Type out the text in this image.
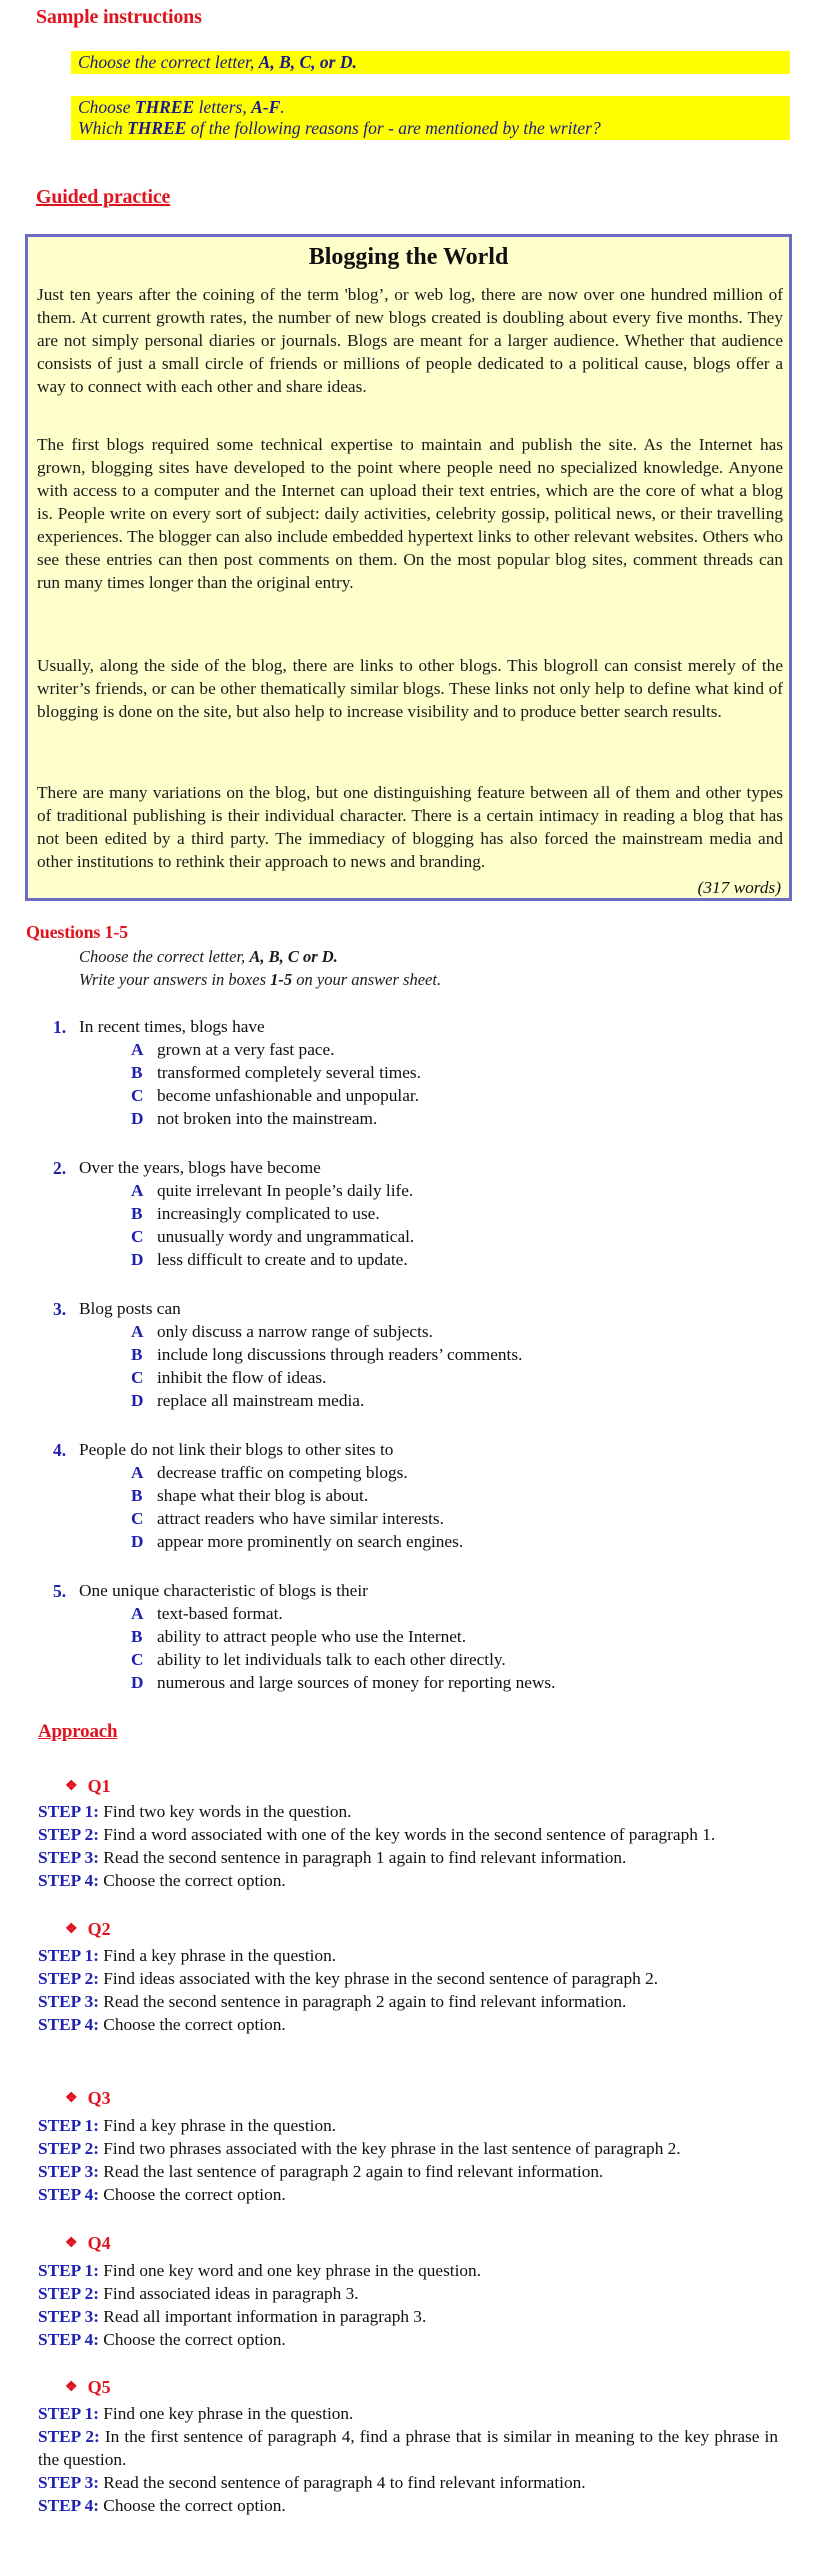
Sample instructions
Choose the correct letter, A, B, C, or D.
Choose THREE letters, A-F.
Which THREE of the following reasons for - are mentioned by the writer?
Guided practice
Blogging the World
Just ten years after the coining of the term 'blog’, or web log, there are now over one hundred million of them. At current growth rates, the number of new blogs created is doubling about every five months. They are not simply personal diaries or journals. Blogs are meant for a larger audience. Whether that audience consists of just a small circle of friends or millions of people dedicated to a political cause, blogs offer a way to connect with each other and share ideas.
The first blogs required some technical expertise to maintain and publish the site. As the Internet has grown, blogging sites have developed to the point where people need no specialized knowledge. Anyone with access to a computer and the Internet can upload their text entries, which are the core of what a blog is. People write on every sort of subject: daily activities, celebrity gossip, political news, or their travelling experiences. The blogger can also include embedded hypertext links to other relevant websites. Others who see these entries can then post comments on them. On the most popular blog sites, comment threads can run many times longer than the original entry.
Usually, along the side of the blog, there are links to other blogs. This blogroll can consist merely of the writer’s friends, or can be other thematically similar blogs. These links not only help to define what kind of blogging is done on the site, but also help to increase visibility and to produce better search results.
There are many variations on the blog, but one distinguishing feature between all of them and other types of traditional publishing is their individual character. There is a certain intimacy in reading a blog that has not been edited by a third party. The immediacy of blogging has also forced the mainstream media and other institutions to rethink their approach to news and branding.
(317 words)
Questions 1-5
Choose the correct letter, A, B, C or D.
Write your answers in boxes 1-5 on your answer sheet.
1. In recent times, blogs have
A grown at a very fast pace.
B transformed completely several times.
C become unfashionable and unpopular.
D not broken into the mainstream.
2. Over the years, blogs have become
A quite irrelevant In people’s daily life.
B increasingly complicated to use.
C unusually wordy and ungrammatical.
D less difficult to create and to update.
3. Blog posts can
A only discuss a narrow range of subjects.
B include long discussions through readers’ comments.
C inhibit the flow of ideas.
D replace all mainstream media.
4. People do not link their blogs to other sites to
A decrease traffic on competing blogs.
B shape what their blog is about.
C attract readers who have similar interests.
D appear more prominently on search engines.
5. One unique characteristic of blogs is their
A text-based format.
B ability to attract people who use the Internet.
C ability to let individuals talk to each other directly.
D numerous and large sources of money for reporting news.
Approach
❖ Q1
STEP 1: Find two key words in the question.
STEP 2: Find a word associated with one of the key words in the second sentence of paragraph 1.
STEP 3: Read the second sentence in paragraph 1 again to find relevant information.
STEP 4: Choose the correct option.
❖ Q2
STEP 1: Find a key phrase in the question.
STEP 2: Find ideas associated with the key phrase in the second sentence of paragraph 2.
STEP 3: Read the second sentence in paragraph 2 again to find relevant information.
STEP 4: Choose the correct option.
❖ Q3
STEP 1: Find a key phrase in the question.
STEP 2: Find two phrases associated with the key phrase in the last sentence of paragraph 2.
STEP 3: Read the last sentence of paragraph 2 again to find relevant information.
STEP 4: Choose the correct option.
❖ Q4
STEP 1: Find one key word and one key phrase in the question.
STEP 2: Find associated ideas in paragraph 3.
STEP 3: Read all important information in paragraph 3.
STEP 4: Choose the correct option.
❖ Q5
STEP 1: Find one key phrase in the question.
STEP 2: In the first sentence of paragraph 4, find a phrase that is similar in meaning to the key phrase in the question.
STEP 3: Read the second sentence of paragraph 4 to find relevant information.
STEP 4: Choose the correct option.
